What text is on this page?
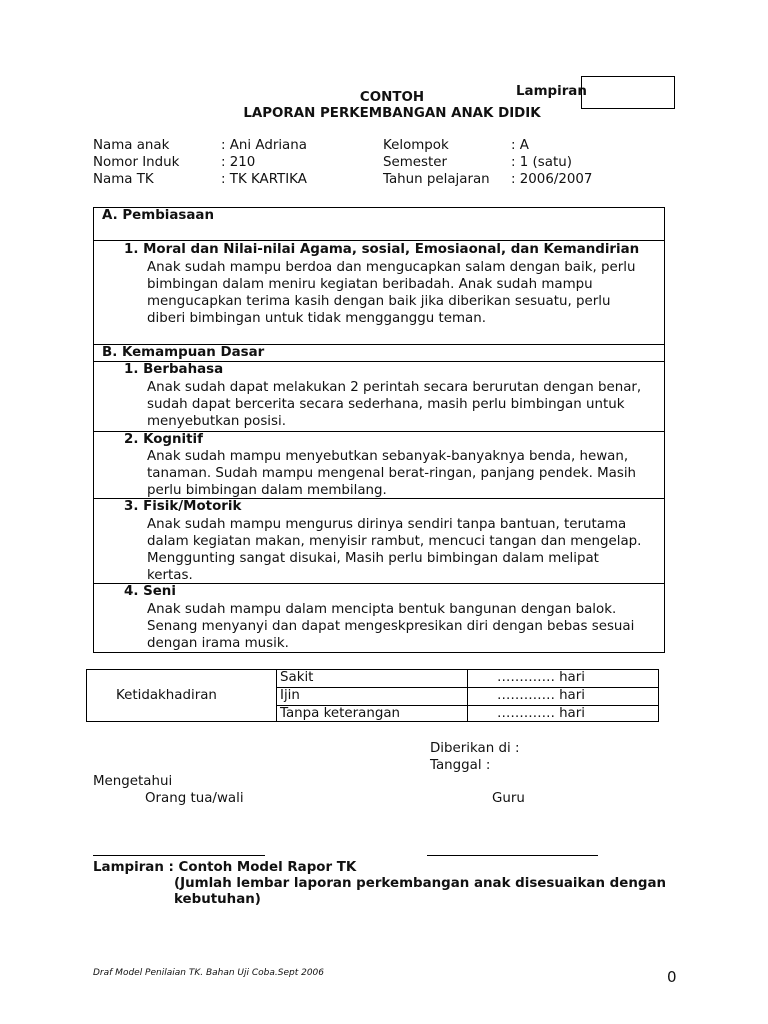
Lampiran
CONTOH
LAPORAN PERKEMBANGAN ANAK DIDIK
Nama anak	: Ani Adriana	Kelompok	: A
Nomor Induk	: 210	Semester	: 1 (satu)
Nama TK	: TK KARTIKA	Tahun pelajaran : 2006/2007
A. Pembiasaan
1. Moral dan Nilai-nilai Agama, sosial, Emosiaonal, dan Kemandirian
Anak sudah mampu berdoa dan mengucapkan salam dengan baik, perlu
bimbingan dalam meniru kegiatan beribadah. Anak sudah mampu
mengucapkan terima kasih dengan baik jika diberikan sesuatu, perlu
diberi bimbingan untuk tidak mengganggu teman.
B. Kemampuan Dasar
1. Berbahasa
Anak sudah dapat melakukan 2 perintah secara berurutan dengan benar,
sudah dapat bercerita secara sederhana, masih perlu bimbingan untuk
menyebutkan posisi.
2. Kognitif
Anak sudah mampu menyebutkan sebanyak-banyaknya benda, hewan,
tanaman. Sudah mampu mengenal berat-ringan, panjang pendek. Masih
perlu bimbingan dalam membilang.
3. Fisik/Motorik
Anak sudah mampu mengurus dirinya sendiri tanpa bantuan, terutama
dalam kegiatan makan, menyisir rambut, mencuci tangan dan mengelap.
Menggunting sangat disukai, Masih perlu bimbingan dalam melipat
kertas.
4. Seni
Anak sudah mampu dalam mencipta bentuk bangunan dengan balok.
Senang menyanyi dan dapat mengeskpresikan diri dengan bebas sesuai
dengan irama musik.
Ketidakhadiran
Sakit	…………. hari
Ijin	…………. hari
Tanpa keterangan	…………. hari
Diberikan di :
Tanggal :
Mengetahui
Orang tua/wali	Guru
Lampiran : Contoh Model Rapor TK
(Jumlah lembar laporan perkembangan anak disesuaikan dengan
kebutuhan)
Draf Model Penilaian TK. Bahan Uji Coba.Sept 2006	0
